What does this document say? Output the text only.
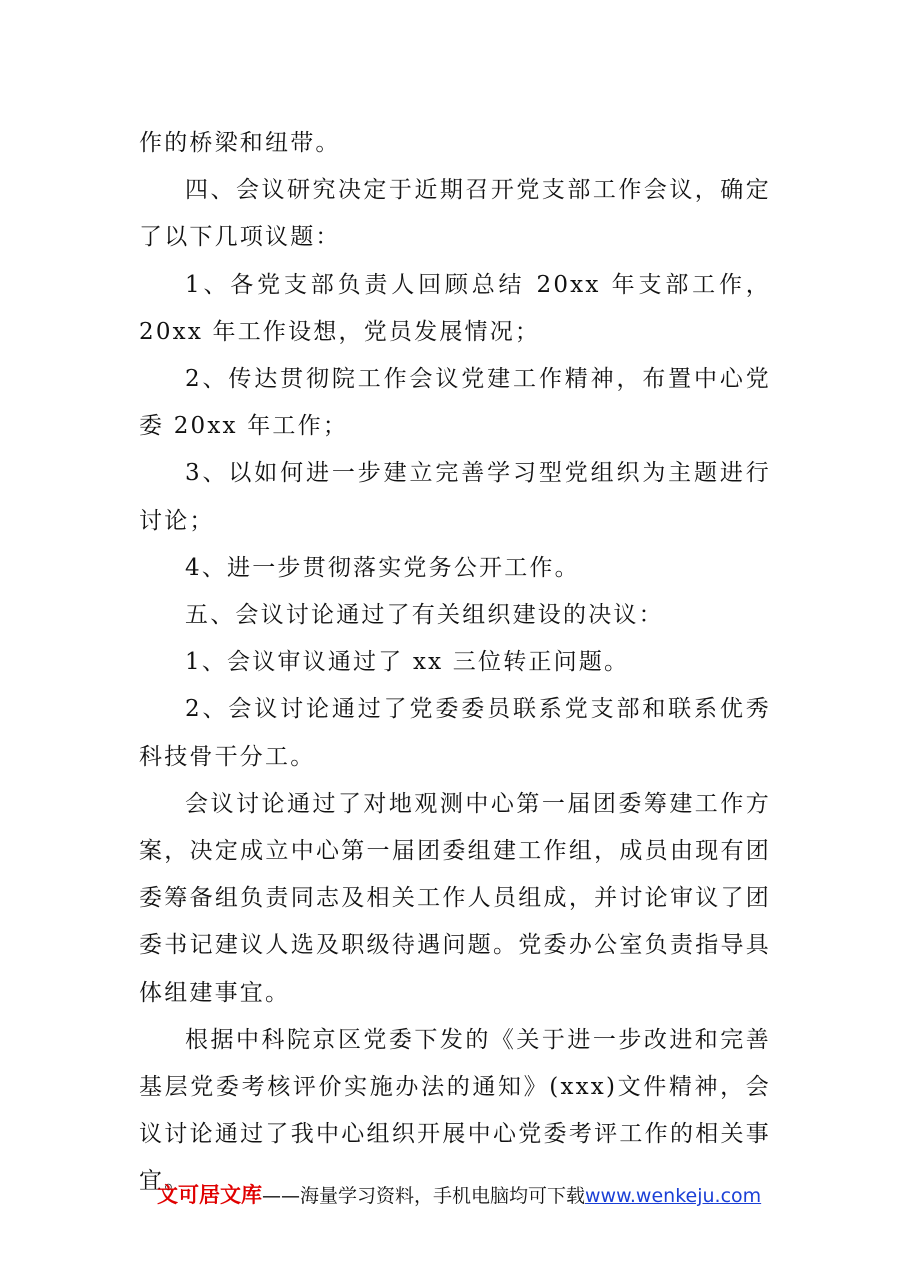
作的桥梁和纽带。

四、会议研究决定于近期召开党支部工作会议，确定了以下几项议题：

1、各党支部负责人回顾总结 20xx 年支部工作，20xx 年工作设想，党员发展情况；

2、传达贯彻院工作会议党建工作精神，布置中心党委 20xx 年工作；

3、以如何进一步建立完善学习型党组织为主题进行讨论；

4、进一步贯彻落实党务公开工作。

五、会议讨论通过了有关组织建设的决议：

1、会议审议通过了 xx 三位转正问题。

2、会议讨论通过了党委委员联系党支部和联系优秀科技骨干分工。

会议讨论通过了对地观测中心第一届团委筹建工作方案，决定成立中心第一届团委组建工作组，成员由现有团委筹备组负责同志及相关工作人员组成，并讨论审议了团委书记建议人选及职级待遇问题。党委办公室负责指导具体组建事宜。

根据中科院京区党委下发的《关于进一步改进和完善基层党委考核评价实施办法的通知》(xxx)文件精神，会议讨论通过了我中心组织开展中心党委考评工作的相关事宜。

文可居文库——海量学习资料，手机电脑均可下载www.wenkeju.com
